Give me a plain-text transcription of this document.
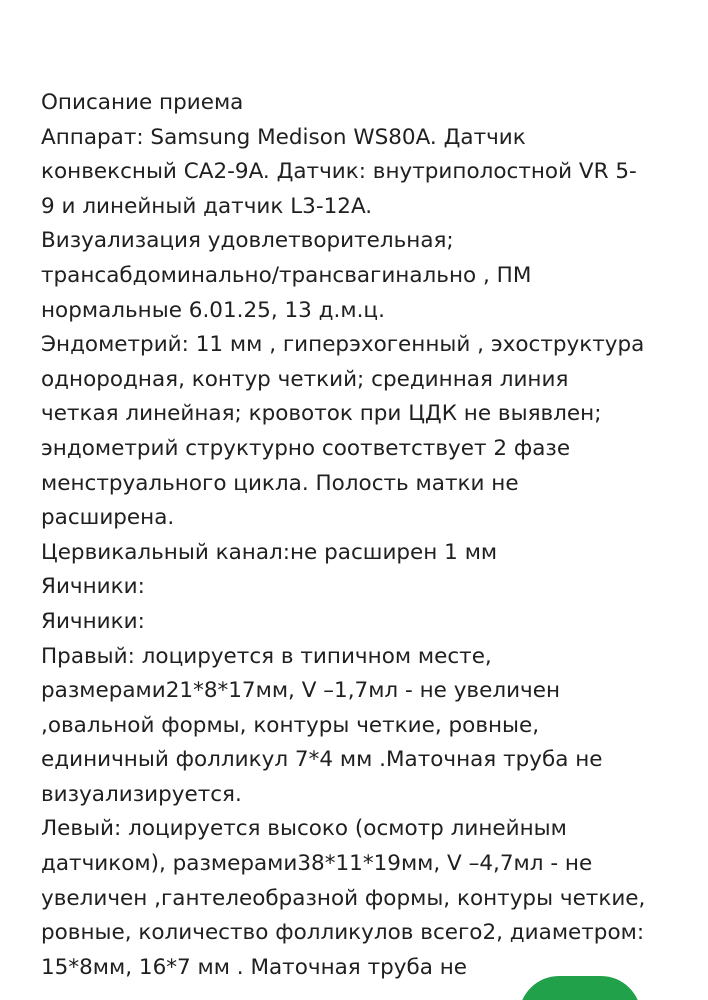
Описание приема
Аппарат: Samsung Medison WS80A. Датчик
конвексный CA2-9A. Датчик: внутриполостной VR 5-
9 и линейный датчик L3-12A.
Визуализация удовлетворительная;
трансабдоминально/трансвагинально , ПМ
нормальные 6.01.25, 13 д.м.ц.
Эндометрий: 11 мм , гиперэхогенный , эхоструктура
однородная, контур четкий; срединная линия
четкая линейная; кровоток при ЦДК не выявлен;
эндометрий структурно соответствует 2 фазе
менструального цикла. Полость матки не
расширена.
Цервикальный канал:не расширен 1 мм
Яичники:
Яичники:
Правый: лоцируется в типичном месте,
размерами21*8*17мм, V –1,7мл - не увеличен
,овальной формы, контуры четкие, ровные,
единичный фолликул 7*4 мм .Маточная труба не
визуализируется.
Левый: лоцируется высоко (осмотр линейным
датчиком), размерами38*11*19мм, V –4,7мл - не
увеличен ,гантелеобразной формы, контуры четкие,
ровные, количество фолликулов всего2, диаметром:
15*8мм, 16*7 мм . Маточная труба не
